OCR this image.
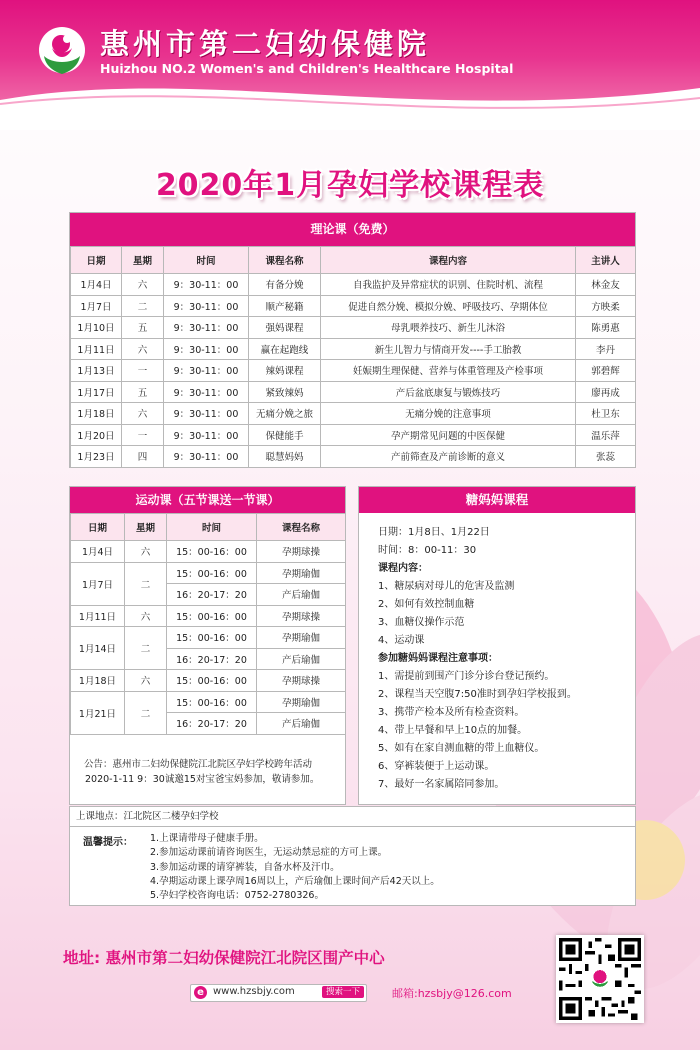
惠州市第二妇幼保健院
Huizhou NO.2 Women's and Children's Healthcare Hospital
2020年1月孕妇学校课程表
理论课（免费）
日期	星期	时间	课程名称	课程内容	主讲人
1月4日	六	9：30-11：00	有备分娩	自我监护及异常症状的识别、住院时机、流程	林金友
1月7日	二	9：30-11：00	顺产秘籍	促进自然分娩、模拟分娩、呼吸技巧、孕期体位	方映柔
1月10日	五	9：30-11：00	强妈课程	母乳喂养技巧、新生儿沐浴	陈勇惠
1月11日	六	9：30-11：00	赢在起跑线	新生儿智力与情商开发----手工胎教	李丹
1月13日	一	9：30-11：00	辣妈课程	妊娠期生理保健、营养与体重管理及产检事项	郭碧辉
1月17日	五	9：30-11：00	紧致辣妈	产后盆底康复与锻炼技巧	廖再成
1月18日	六	9：30-11：00	无痛分娩之旅	无痛分娩的注意事项	杜卫东
1月20日	一	9：30-11：00	保健能手	孕产期常见问题的中医保健	温乐萍
1月23日	四	9：30-11：00	聪慧妈妈	产前筛查及产前诊断的意义	张蕊
运动课（五节课送一节课）
日期	星期	时间	课程名称
1月4日	六	15：00-16：00	孕期球操
1月7日	二	15：00-16：00	孕期瑜伽
		16：20-17：20	产后瑜伽
1月11日	六	15：00-16：00	孕期球操
1月14日	二	15：00-16：00	孕期瑜伽
		16：20-17：20	产后瑜伽
1月18日	六	15：00-16：00	孕期球操
1月21日	二	15：00-16：00	孕期瑜伽
		16：20-17：20	产后瑜伽
公告：惠州市二妇幼保健院江北院区孕妇学校跨年活动
2020-1-11 9：30诚邀15对宝爸宝妈参加，敬请参加。
糖妈妈课程

日期：1月8日、1月22日

时间：8：00-11：30

课程内容：

1、糖尿病对母儿的危害及监测

2、如何有效控制血糖

3、血糖仪操作示范

4、运动课

参加糖妈妈课程注意事项：

1、需提前到围产门诊分诊台登记预约。

2、课程当天空腹7:50准时到孕妇学校报到。

3、携带产检本及所有检查资料。

4、带上早餐和早上10点的加餐。

5、如有在家自测血糖的带上血糖仪。

6、穿裤装便于上运动课。

7、最好一名家属陪同参加。

上课地点：江北院区二楼孕妇学校
温馨提示： 1.上课请带母子健康手册。
2.参加运动课前请咨询医生，无运动禁忌症的方可上课。
3.参加运动课的请穿裤装，自备水杯及汗巾。
4.孕期运动课上课孕周16周以上，产后瑜伽上课时间产后42天以上。
5.孕妇学校咨询电话：0752-2780326。
地址: 惠州市第二妇幼保健院江北院区围产中心
e www.hzsbjy.com	搜索一下	邮箱:hzsbjy@126.com
